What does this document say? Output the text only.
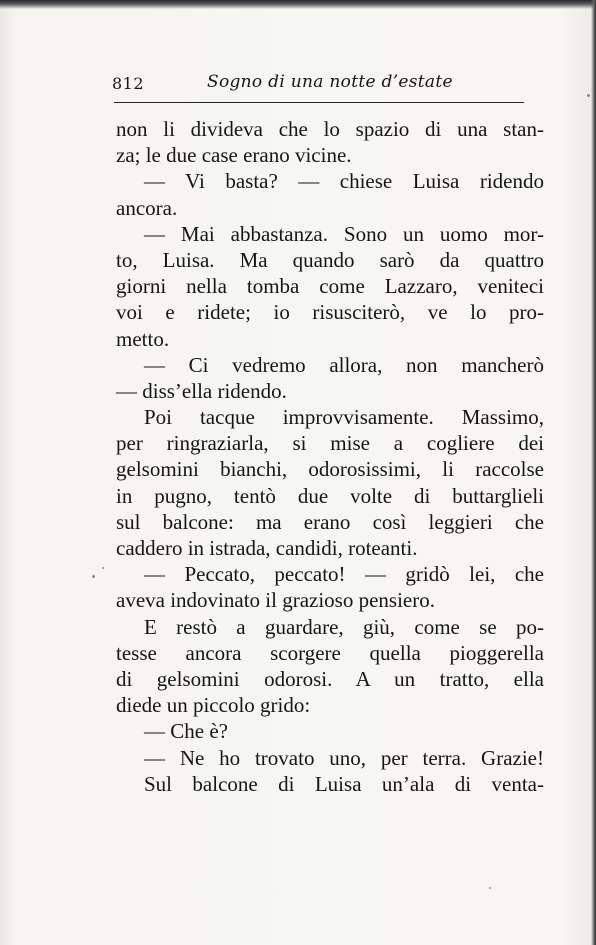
812	Sogno di una notte d’estate
non li divideva che lo spazio di una stan-
za; le due case erano vicine.
— Vi basta? — chiese Luisa ridendo
ancora.
— Mai abbastanza. Sono un uomo mor-
to, Luisa. Ma quando sarò da quattro
giorni nella tomba come Lazzaro, veniteci
voi e ridete; io risusciterò, ve lo pro-
metto.
— Ci vedremo allora, non mancherò
— diss’ella ridendo.
Poi tacque improvvisamente. Massimo,
per ringraziarla, si mise a cogliere dei
gelsomini bianchi, odorosissimi, li raccolse
in pugno, tentò due volte di buttarglieli
sul balcone: ma erano così leggieri che
caddero in istrada, candidi, roteanti.
— Peccato, peccato! — gridò lei, che
aveva indovinato il grazioso pensiero.
E restò a guardare, giù, come se po-
tesse ancora scorgere quella pioggerella
di gelsomini odorosi. A un tratto, ella
diede un piccolo grido:
— Che è?
— Ne ho trovato uno, per terra. Grazie!
Sul balcone di Luisa un’ala di venta-
